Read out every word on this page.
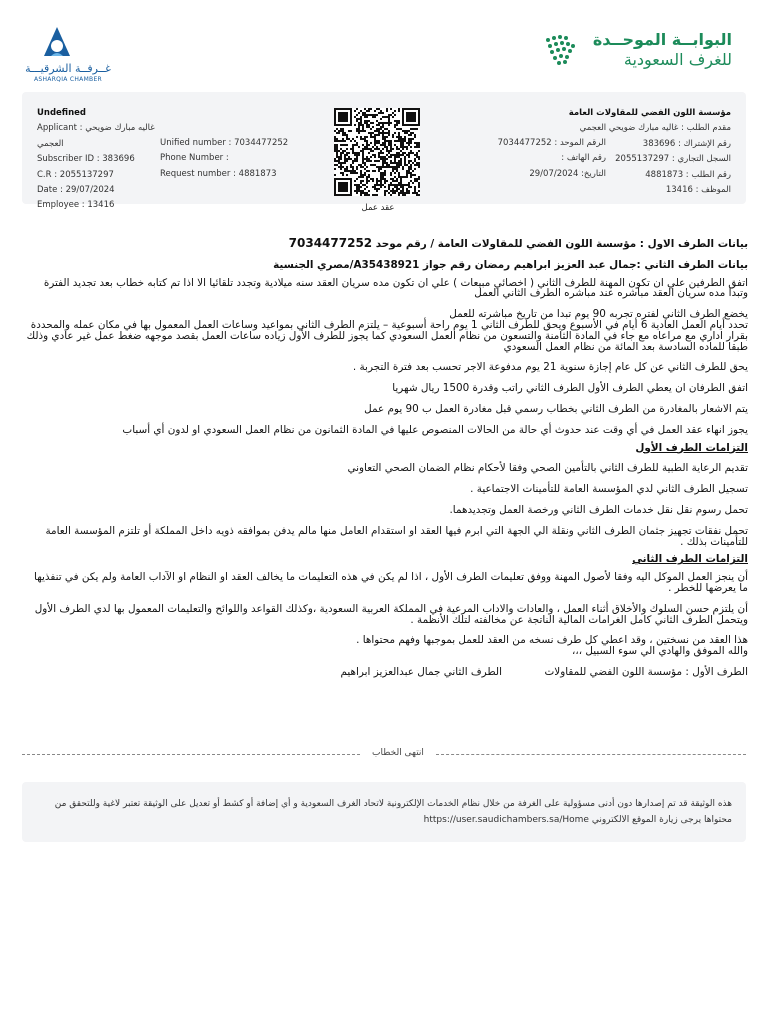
غــرفــة الشرقيـــة
ASHARQIA CHAMBER
البوابــة الموحــدة
للغرف السعودية
Undefined
Applicant : غاليه مبارك ضويحي العجمي
Subscriber ID : 383696
C.R : 2055137297
Date : 29/07/2024
Employee : 13416
Unified number : 7034477252
Phone Number :
Request number : 4881873
مؤسسة اللون الفضي للمقاولات العامة
مقدم الطلب : غاليه مبارك ضويحي العجمي
رقم الإشتراك : 383696
السجل التجاري : 2055137297
رقم الطلب : 4881873
الموظف : 13416
الرقم الموحد : 7034477252
رقم الهاتف :
التاريخ: 29/07/2024
عقد عمل

بيانات الطرف الاول : مؤسسة اللون الفضي للمقاولات العامة / رقم موحد 7034477252

بيانات الطرف الثاني :جمال عبد العزيز ابراهيم رمضان رقم جواز A35438921/مصري الجنسية

اتفق الطرفين علي ان تكون المهنة للطرف الثاني ( اخصائي مبيعات ) علي ان تكون مده سريان العقد سنه ميلادية وتجدد تلقائيا الا اذا تم كتابه خطاب بعد تجديد الفترة وتبدا مده سريان العقد مباشره عند مباشره الطرف الثاني العمل

يخضع الطرف الثاني لفتره تجربه 90 يوم تبدا من تاريخ مباشرته للعمل

تحدد أيام العمل العادية 6 أيام في الأسبوع ويحق للطرف الثاني 1 يوم راحة أسبوعية – يلتزم الطرف الثاني بمواعيد وساعات العمل المعمول بها في مكان عمله والمحددة بقرار اداري مع مراعاه مع جاء في المادة الثامنة والتسعون من نظام العمل السعودي كما يجوز للطرف الأول زياده ساعات العمل بقصد موجهه ضغط عمل غير عادي وذلك طبقا للماده السادسة بعد المائة من نظام العمل السعودي

يحق للطرف الثاني عن كل عام إجازة سنوية 21 يوم مدفوعة الاجر تحسب بعد فترة التجربة .

اتفق الطرفان ان يعطي الطرف الأول الطرف الثاني راتب وقدرة 1500 ريال شهريا

يتم الاشعار بالمغادرة من الطرف الثاني بخطاب رسمي قبل مغادرة العمل ب 90 يوم عمل

يجوز انهاء عقد العمل في أي وقت عند حدوث أي حالة من الحالات المنصوص عليها في المادة الثمانون من نظام العمل السعودي او لدون أي أسباب

التزامات الطرف الأول

تقديم الرعاية الطبية للطرف الثاني بالتأمين الصحي وفقا لأحكام نظام الضمان الصحي التعاوني

تسجيل الطرف الثاني لدي المؤسسة العامة للتأمينات الاجتماعية .

تحمل رسوم نقل نقل خدمات الطرف الثاني ورخصة العمل وتجديدهما.

تحمل نفقات تجهيز جثمان الطرف الثاني ونقلة الي الجهة التي ابرم فيها العقد او استقدام العامل منها مالم يدفن بموافقه ذويه داخل المملكة أو تلتزم المؤسسة العامة للتأمينات بذلك .

التزامات الطرف الثاني

أن ينجز العمل الموكل اليه وفقا لأصول المهنة ووفق تعليمات الطرف الأول ، اذا لم يكن في هذه التعليمات ما يخالف العقد او النظام او الآداب العامة ولم يكن في تنفذيها ما يعرضها للخطر .

أن يلتزم حسن السلوك والأخلاق أثناء العمل ، والعادات والاداب المرعية في المملكة العربية السعودية ،وكذلك القواعد واللوائح والتعليمات المعمول بها لدي الطرف الأول ويتحمل الطرف الثاني كامل الغرامات المالية الناتجة عن مخالفته لتلك الأنظمة .

هذا العقد من نسختين ، وقد اعطي كل طرف نسخه من العقد للعمل بموجبها وفهم محتواها .

والله الموفق والهادي الي سوء السبيل ،،،

الطرف الأول : مؤسسة اللون الفضي للمقاولات

الطرف الثاني جمال عبدالعزيز ابراهيم

انتهى الخطاب
هذه الوثيقة قد تم إصدارها دون أدنى مسؤولية على الغرفة من خلال نظام الخدمات الإلكترونية لاتحاد الغرف السعودية و أي إضافة أو كشط أو تعديل على الوثيقة تعتبر لاغية وللتحقق من محتواها يرجى زيارة الموقع الالكتروني https://user.saudichambers.sa/Home
